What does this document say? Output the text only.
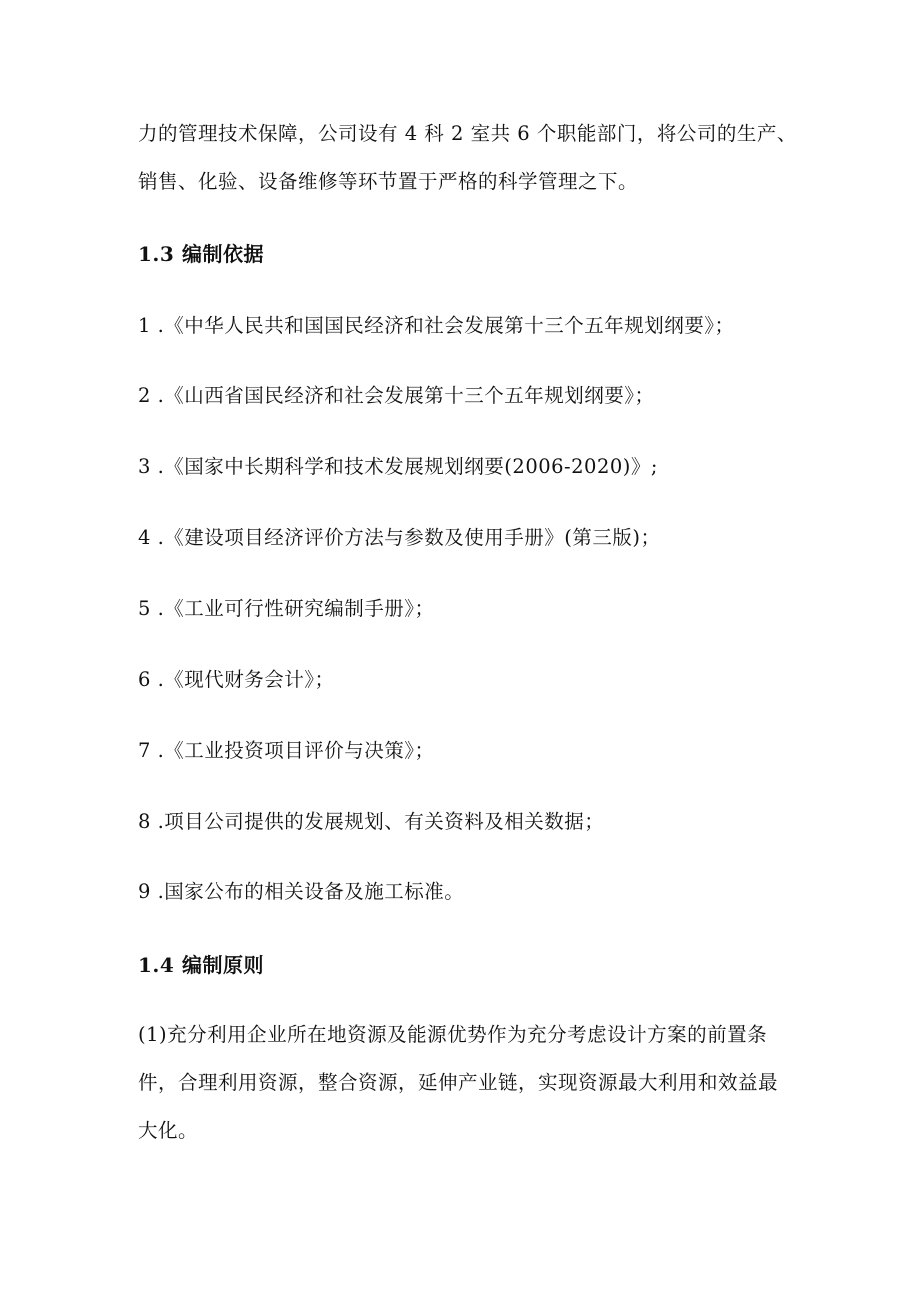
力的管理技术保障，公司设有 4 科 2 室共 6 个职能部门，将公司的生产、
销售、化验、设备维修等环节置于严格的科学管理之下。
1.3 编制依据
1 .《中华人民共和国国民经济和社会发展第十三个五年规划纲要》；
2 .《山西省国民经济和社会发展第十三个五年规划纲要》；
3 .《国家中长期科学和技术发展规划纲要(2006-2020)》;
4 .《建设项目经济评价方法与参数及使用手册》(第三版)；
5 .《工业可行性研究编制手册》；
6 .《现代财务会计》；
7 .《工业投资项目评价与决策》；
8 .项目公司提供的发展规划、有关资料及相关数据；
9 .国家公布的相关设备及施工标准。
1.4 编制原则
(1)充分利用企业所在地资源及能源优势作为充分考虑设计方案的前置条
件，合理利用资源，整合资源，延伸产业链，实现资源最大利用和效益最
大化。
